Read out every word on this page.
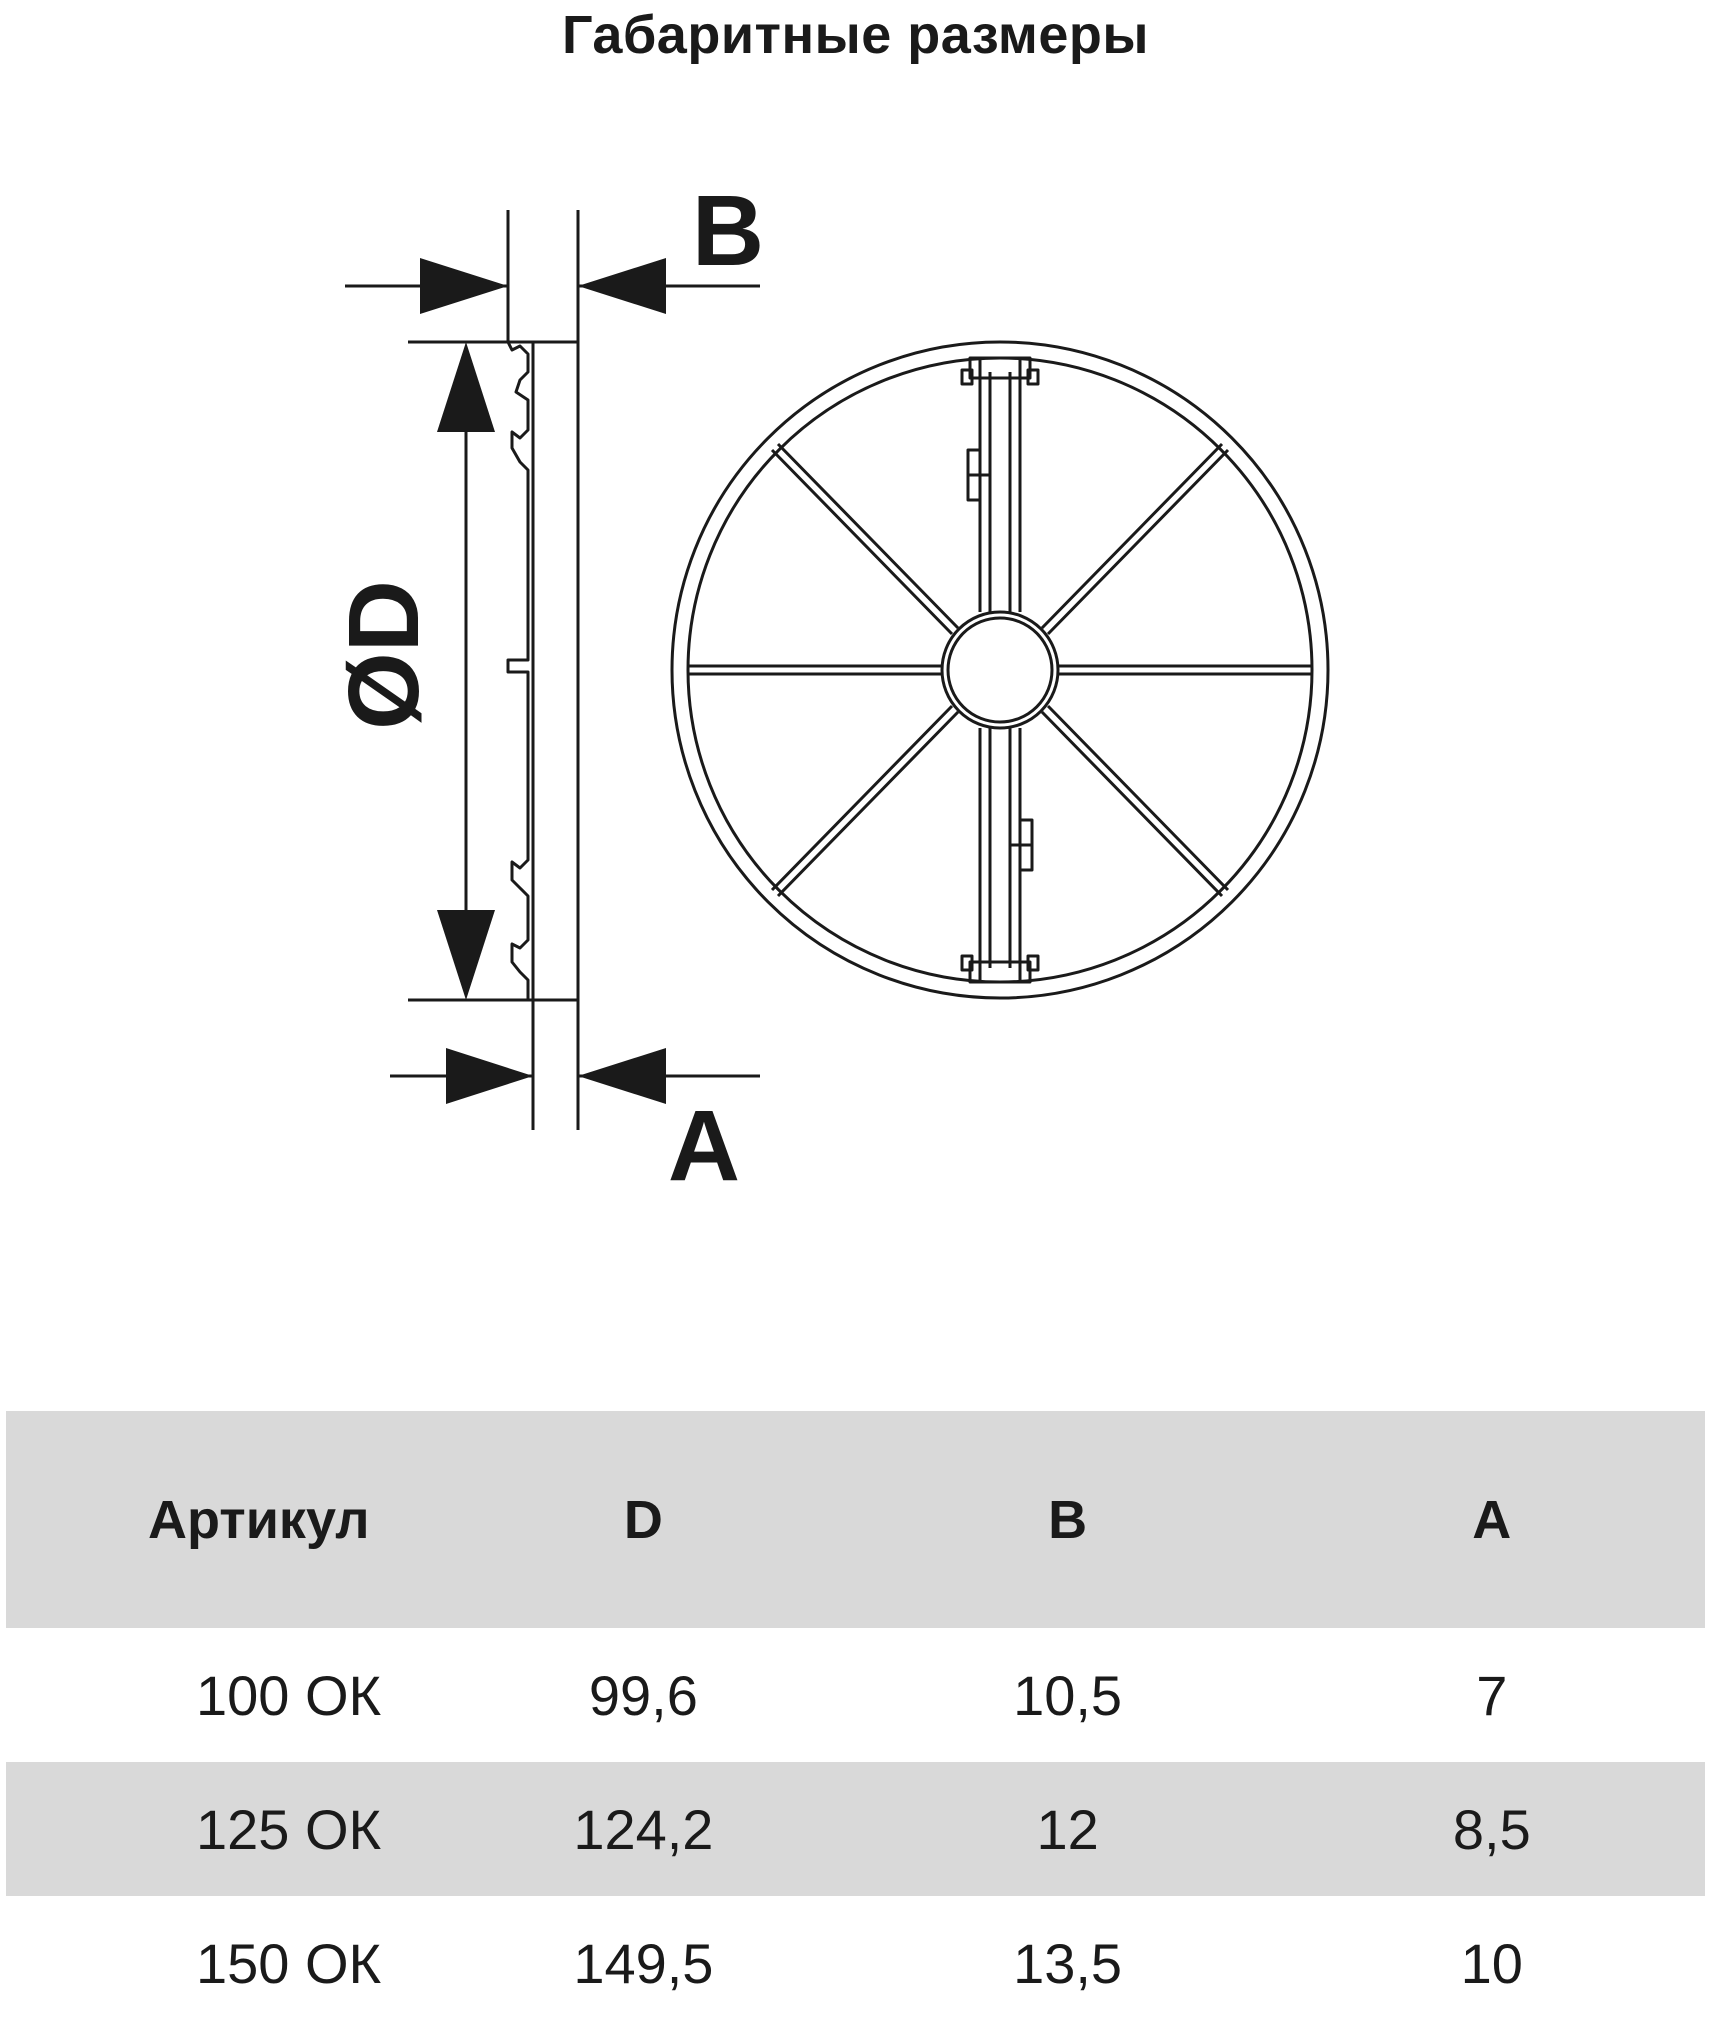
Габаритные размеры
B
A
ØD
Артикул	D	B	A
100 ОК	99,6	10,5	7
125 ОК	124,2	12	8,5
150 ОК	149,5	13,5	10
